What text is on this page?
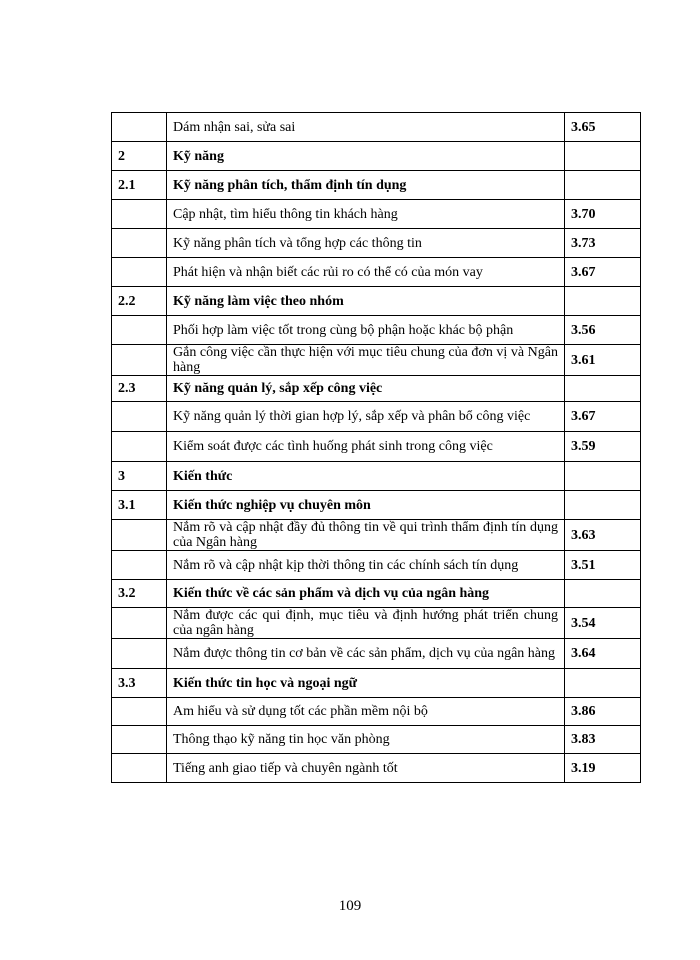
	Dám nhận sai, sửa sai	3.65
2	Kỹ năng	
2.1	Kỹ năng phân tích, thẩm định tín dụng	
	Cập nhật, tìm hiểu thông tin khách hàng	3.70
	Kỹ năng phân tích và tổng hợp các thông tin	3.73
	Phát hiện và nhận biết các rủi ro có thể có của món vay	3.67
2.2	Kỹ năng làm việc theo nhóm	
	Phối hợp làm việc tốt trong cùng bộ phận hoặc khác bộ phận	3.56
	Gắn công việc cần thực hiện với mục tiêu chung của đơn vị và Ngân hàng	3.61
2.3	Kỹ năng quản lý, sắp xếp công việc	
	Kỹ năng quản lý thời gian hợp lý, sắp xếp và phân bổ công việc	3.67
	Kiểm soát được các tình huống phát sinh trong công việc	3.59
3	Kiến thức	
3.1	Kiến thức nghiệp vụ chuyên môn	
	Nắm rõ và cập nhật đầy đủ thông tin về qui trình thẩm định tín dụng của Ngân hàng	3.63
	Nắm rõ và cập nhật kịp thời thông tin các chính sách tín dụng	3.51
3.2	Kiến thức về các sản phẩm và dịch vụ của ngân hàng	
	Nắm được các qui định, mục tiêu và định hướng phát triển chung của ngân hàng	3.54
	Nắm được thông tin cơ bản về các sản phẩm, dịch vụ của ngân hàng	3.64
3.3	Kiến thức tin học và ngoại ngữ	
	Am hiểu và sử dụng tốt các phần mềm nội bộ	3.86
	Thông thạo kỹ năng tin học văn phòng	3.83
	Tiếng anh giao tiếp và chuyên ngành tốt	3.19
109
